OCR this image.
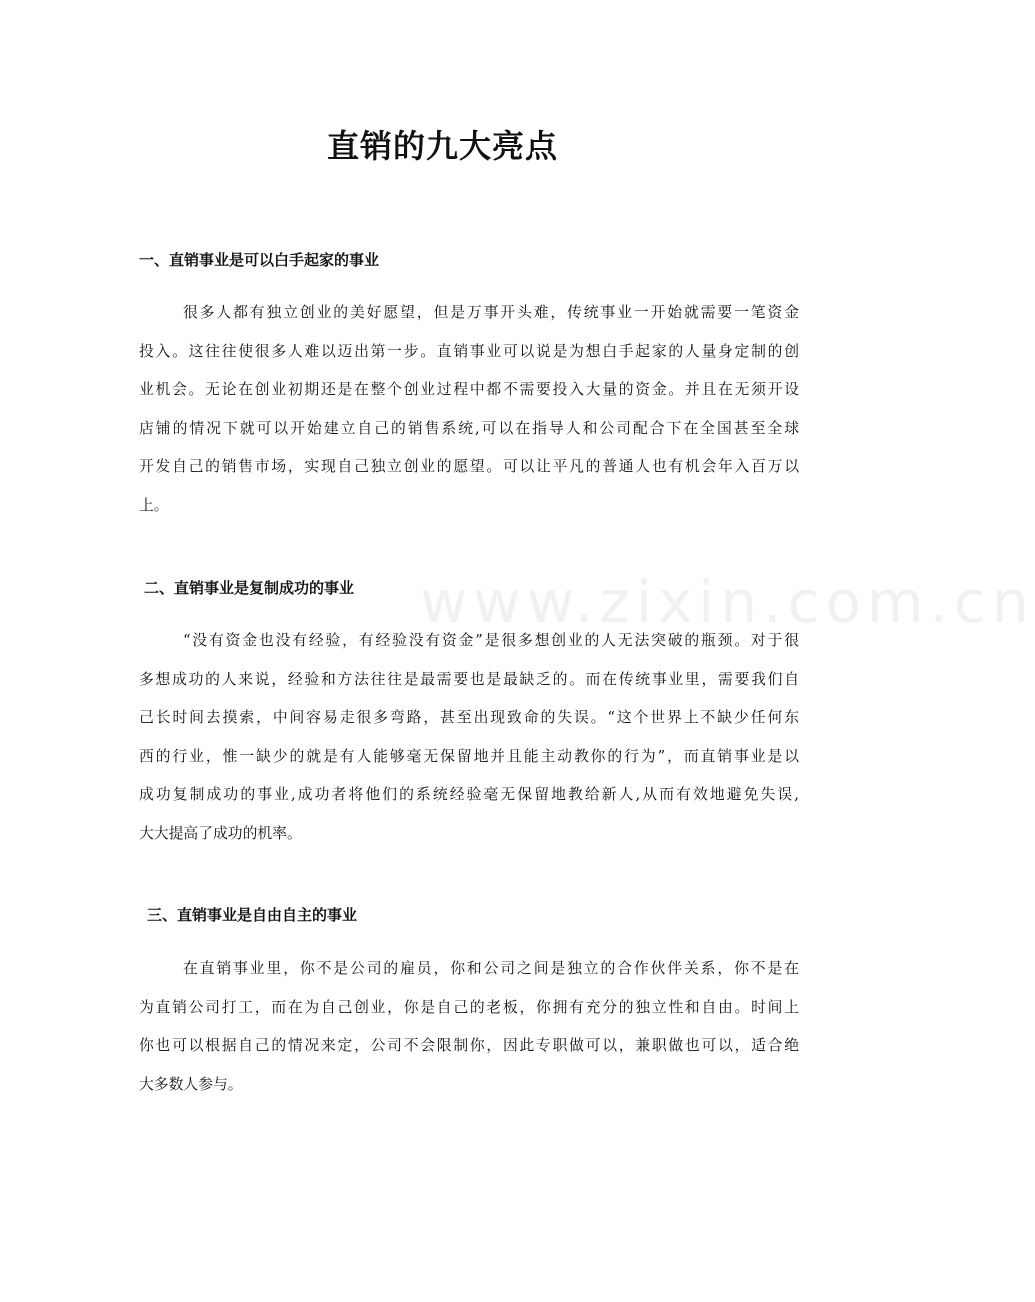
www.zixin.com.cn
直销的九大亮点
一、直销事业是可以白手起家的事业
很多人都有独立创业的美好愿望，但是万事开头难，传统事业一开始就需要一笔资金
投入。这往往使很多人难以迈出第一步。直销事业可以说是为想白手起家的人量身定制的创
业机会。无论在创业初期还是在整个创业过程中都不需要投入大量的资金。并且在无须开设
店铺的情况下就可以开始建立自己的销售系统,可以在指导人和公司配合下在全国甚至全球
开发自己的销售市场，实现自己独立创业的愿望。可以让平凡的普通人也有机会年入百万以
上。
二、直销事业是复制成功的事业
“没有资金也没有经验，有经验没有资金”是很多想创业的人无法突破的瓶颈。对于很
多想成功的人来说，经验和方法往往是最需要也是最缺乏的。而在传统事业里，需要我们自
己长时间去摸索，中间容易走很多弯路，甚至出现致命的失误。“这个世界上不缺少任何东
西的行业，惟一缺少的就是有人能够毫无保留地并且能主动教你的行为”，而直销事业是以
成功复制成功的事业,成功者将他们的系统经验毫无保留地教给新人,从而有效地避免失误,
大大提高了成功的机率。
三、直销事业是自由自主的事业
在直销事业里，你不是公司的雇员，你和公司之间是独立的合作伙伴关系，你不是在
为直销公司打工，而在为自己创业，你是自己的老板，你拥有充分的独立性和自由。时间上
你也可以根据自己的情况来定，公司不会限制你，因此专职做可以，兼职做也可以，适合绝
大多数人参与。
